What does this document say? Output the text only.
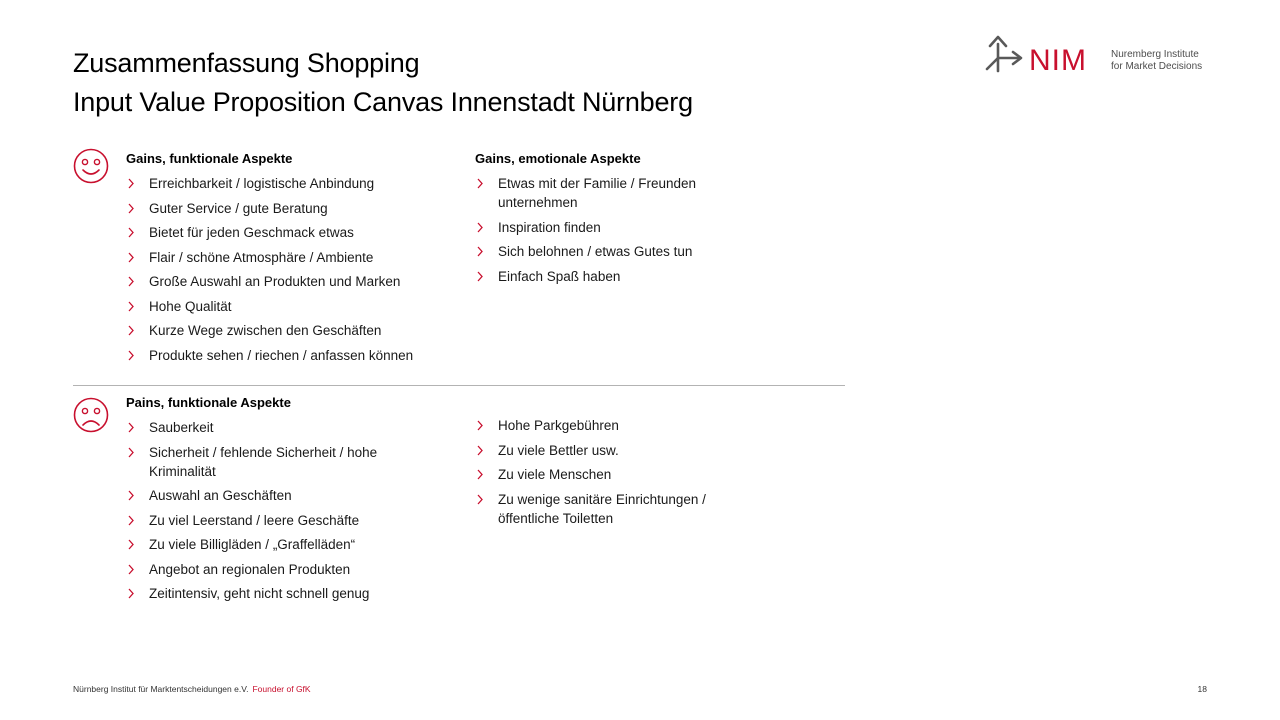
Zusammenfassung Shopping
Input Value Proposition Canvas Innenstadt Nürnberg
NIM Nuremberg Institute
for Market Decisions
Gains, funktionale Aspekte
Erreichbarkeit / logistische Anbindung
Guter Service / gute Beratung
Bietet für jeden Geschmack etwas
Flair / schöne Atmosphäre / Ambiente
Große Auswahl an Produkten und Marken
Hohe Qualität
Kurze Wege zwischen den Geschäften
Produkte sehen / riechen / anfassen können
Gains, emotionale Aspekte
Etwas mit der Familie / Freunden unternehmen
Inspiration finden
Sich belohnen / etwas Gutes tun
Einfach Spaß haben
Pains, funktionale Aspekte
Sauberkeit
Sicherheit / fehlende Sicherheit / hohe Kriminalität
Auswahl an Geschäften
Zu viel Leerstand / leere Geschäfte
Zu viele Billigläden / „Graffelläden“
Angebot an regionalen Produkten
Zeitintensiv, geht nicht schnell genug
Hohe Parkgebühren
Zu viele Bettler usw.
Zu viele Menschen
Zu wenige sanitäre Einrichtungen / öffentliche Toiletten
Nürnberg Institut für Marktentscheidungen e.V. Founder of GfK	18
